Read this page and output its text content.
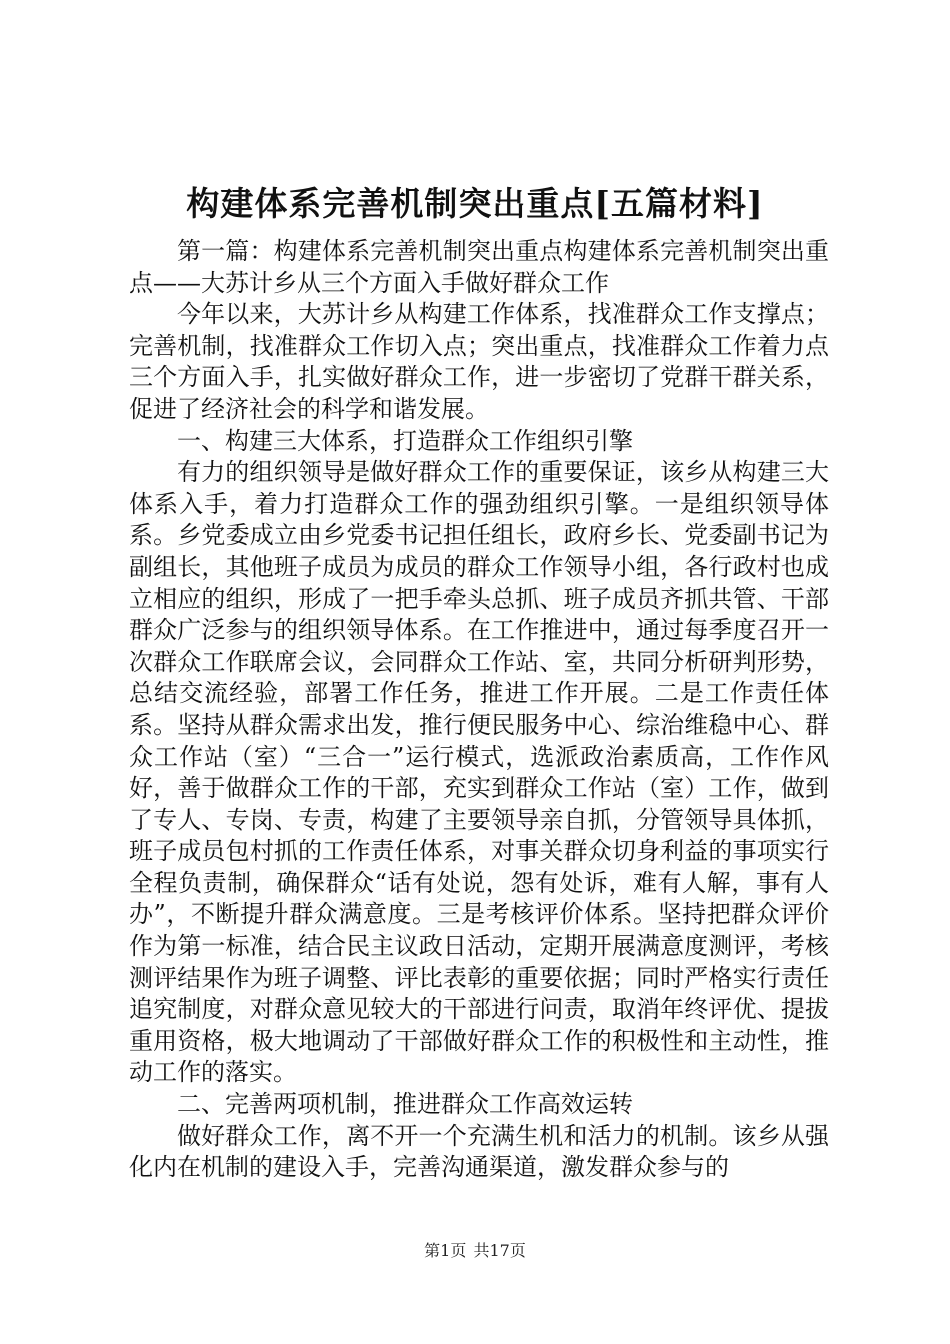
构建体系完善机制突出重点[五篇材料]

第一篇：构建体系完善机制突出重点构建体系完善机制突出重点——大苏计乡从三个方面入手做好群众工作

今年以来，大苏计乡从构建工作体系，找准群众工作支撑点；完善机制，找准群众工作切入点；突出重点，找准群众工作着力点三个方面入手，扎实做好群众工作，进一步密切了党群干群关系，促进了经济社会的科学和谐发展。

一、构建三大体系，打造群众工作组织引擎

有力的组织领导是做好群众工作的重要保证，该乡从构建三大体系入手，着力打造群众工作的强劲组织引擎。一是组织领导体系。乡党委成立由乡党委书记担任组长，政府乡长、党委副书记为副组长，其他班子成员为成员的群众工作领导小组，各行政村也成立相应的组织，形成了一把手牵头总抓、班子成员齐抓共管、干部群众广泛参与的组织领导体系。在工作推进中，通过每季度召开一次群众工作联席会议，会同群众工作站、室，共同分析研判形势，总结交流经验，部署工作任务，推进工作开展。二是工作责任体系。坚持从群众需求出发，推行便民服务中心、综治维稳中心、群众工作站（室）“三合一”运行模式，选派政治素质高，工作作风好，善于做群众工作的干部，充实到群众工作站（室）工作，做到了专人、专岗、专责，构建了主要领导亲自抓，分管领导具体抓，班子成员包村抓的工作责任体系，对事关群众切身利益的事项实行全程负责制，确保群众“话有处说，怨有处诉，难有人解，事有人办”，不断提升群众满意度。三是考核评价体系。坚持把群众评价作为第一标准，结合民主议政日活动，定期开展满意度测评，考核测评结果作为班子调整、评比表彰的重要依据；同时严格实行责任追究制度，对群众意见较大的干部进行问责，取消年终评优、提拔重用资格，极大地调动了干部做好群众工作的积极性和主动性，推动工作的落实。

二、完善两项机制，推进群众工作高效运转

做好群众工作，离不开一个充满生机和活力的机制。该乡从强化内在机制的建设入手，完善沟通渠道，激发群众参与的

第1页 共17页
